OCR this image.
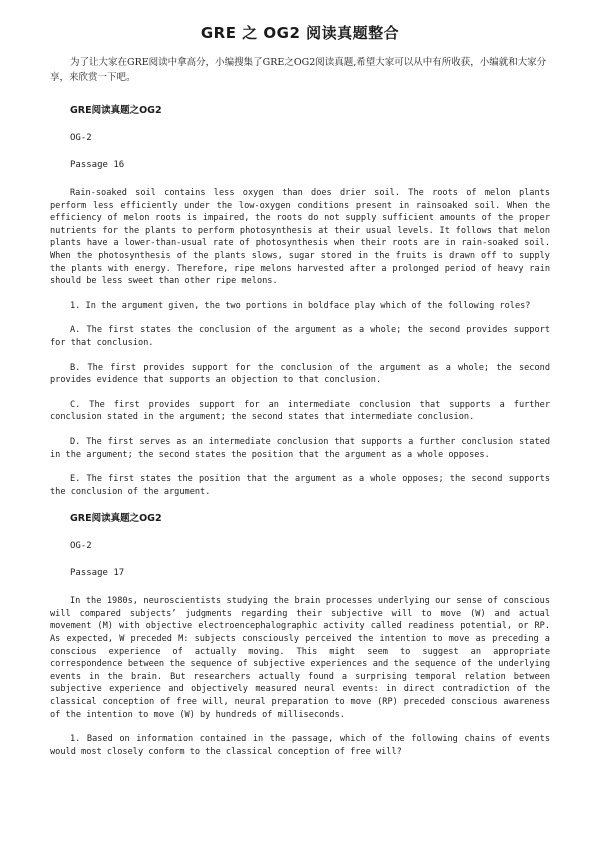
GRE 之 OG2 阅读真题整合

为了让大家在GRE阅读中拿高分，小编搜集了GRE之OG2阅读真题,希望大家可以从中有所收获，小编就和大家分享，来欣赏一下吧。

GRE阅读真题之OG2
OG-2
Passage 16

Rain-soaked soil contains less oxygen than does drier soil. The roots of melon plants perform less efficiently under the low-oxygen conditions present in rainsoaked soil. When the efficiency of melon roots is impaired, the roots do not supply sufficient amounts of the proper nutrients for the plants to perform photosynthesis at their usual levels. It follows that melon plants have a lower-than-usual rate of photosynthesis when their roots are in rain-soaked soil. When the photosynthesis of the plants slows, sugar stored in the fruits is drawn off to supply the plants with energy. Therefore, ripe melons harvested after a prolonged period of heavy rain should be less sweet than other ripe melons.

1. In the argument given, the two portions in boldface play which of the following roles?

A. The first states the conclusion of the argument as a whole; the second provides support for that conclusion.

B. The first provides support for the conclusion of the argument as a whole; the second provides evidence that supports an objection to that conclusion.

C. The first provides support for an intermediate conclusion that supports a further conclusion stated in the argument; the second states that intermediate conclusion.

D. The first serves as an intermediate conclusion that supports a further conclusion stated in the argument; the second states the position that the argument as a whole opposes.

E. The first states the position that the argument as a whole opposes; the second supports the conclusion of the argument.

GRE阅读真题之OG2
OG-2
Passage 17

In the 1980s, neuroscientists studying the brain processes underlying our sense of conscious will compared subjects’ judgments regarding their subjective will to move (W) and actual movement (M) with objective electroencephalographic activity called readiness potential, or RP. As expected, W preceded M: subjects consciously perceived the intention to move as preceding a conscious experience of actually moving. This might seem to suggest an appropriate correspondence between the sequence of subjective experiences and the sequence of the underlying events in the brain. But researchers actually found a surprising temporal relation between subjective experience and objectively measured neural events: in direct contradiction of the classical conception of free will, neural preparation to move (RP) preceded conscious awareness of the intention to move (W) by hundreds of milliseconds.

1. Based on information contained in the passage, which of the following chains of events would most closely conform to the classical conception of free will?
